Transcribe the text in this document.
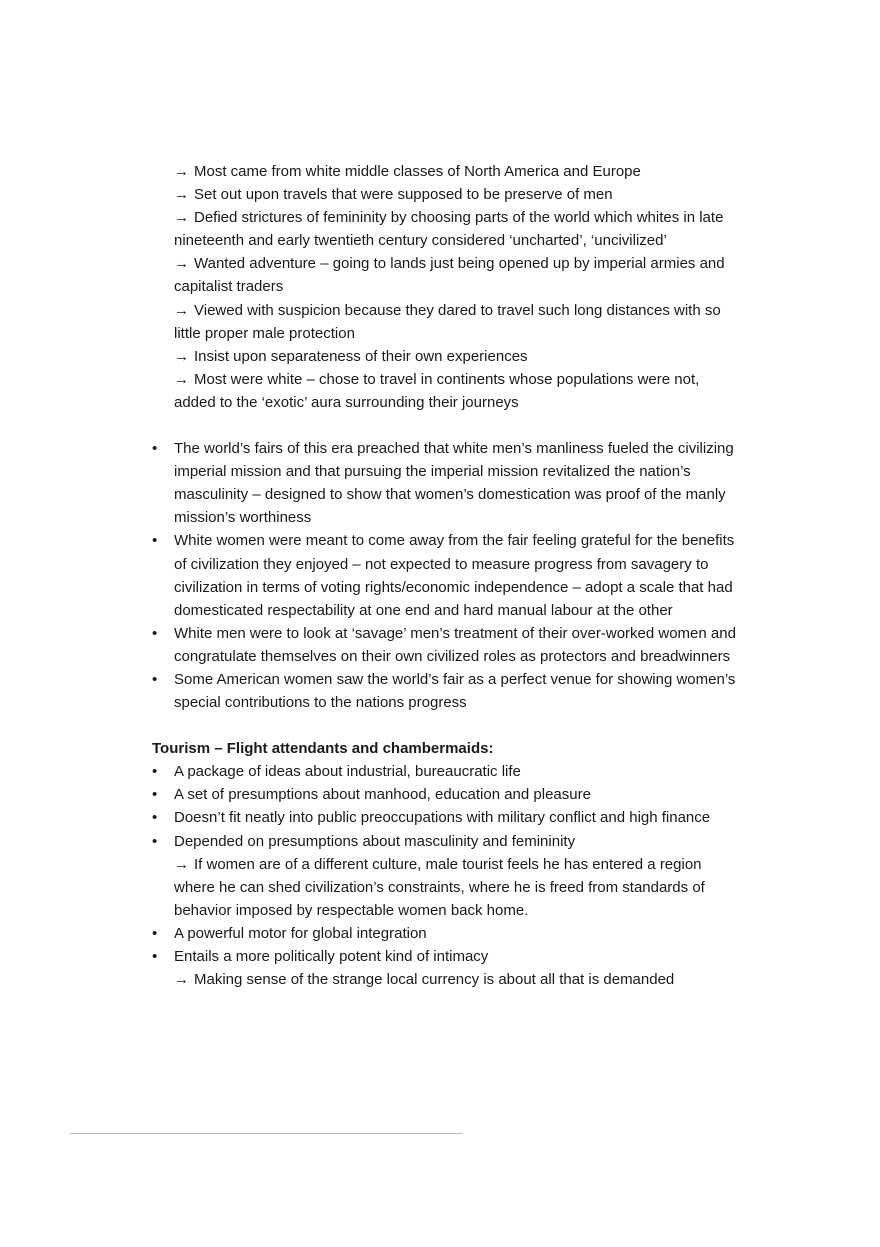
→ Most came from white middle classes of North America and Europe
→ Set out upon travels that were supposed to be preserve of men
→ Defied strictures of femininity by choosing parts of the world which whites in late nineteenth and early twentieth century considered ‘uncharted’, ‘uncivilized’
→ Wanted adventure – going to lands just being opened up by imperial armies and capitalist traders
→ Viewed with suspicion because they dared to travel such long distances with so little proper male protection
→ Insist upon separateness of their own experiences
→ Most were white – chose to travel in continents whose populations were not, added to the ‘exotic’ aura surrounding their journeys
•	The world’s fairs of this era preached that white men’s manliness fueled the civilizing imperial mission and that pursuing the imperial mission revitalized the nation’s masculinity – designed to show that women’s domestication was proof of the manly mission’s worthiness
•	White women were meant to come away from the fair feeling grateful for the benefits of civilization they enjoyed – not expected to measure progress from savagery to civilization in terms of voting rights/economic independence – adopt a scale that had domesticated respectability at one end and hard manual labour at the other
•	White men were to look at ‘savage’ men’s treatment of their over-worked women and congratulate themselves on their own civilized roles as protectors and breadwinners
•	Some American women saw the world’s fair as a perfect venue for showing women’s special contributions to the nations progress
Tourism – Flight attendants and chambermaids:
•	A package of ideas about industrial, bureaucratic life
•	A set of presumptions about manhood, education and pleasure
•	Doesn’t fit neatly into public preoccupations with military conflict and high finance
•	Depended on presumptions about masculinity and femininity
→ If women are of a different culture, male tourist feels he has entered a region where he can shed civilization’s constraints, where he is freed from standards of behavior imposed by respectable women back home.
•	A powerful motor for global integration
•	Entails a more politically potent kind of intimacy
→ Making sense of the strange local currency is about all that is demanded
